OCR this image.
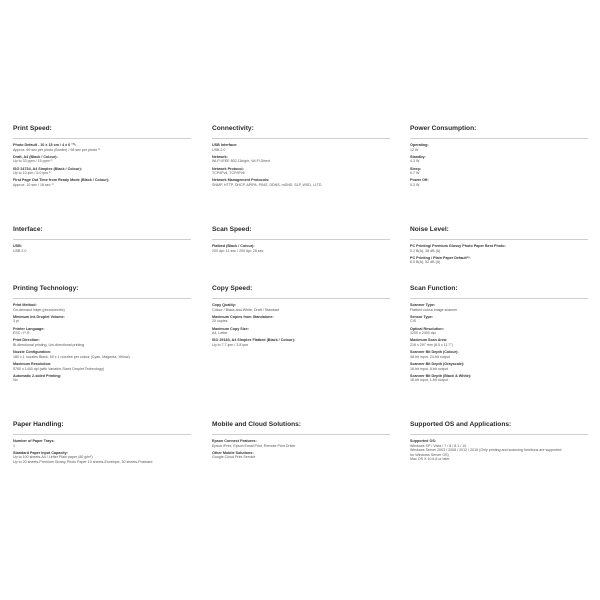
Print Speed:
Photo Default - 10 x 15 cm / 4 x 6 "²⁾:
Approx. 69 sec per photo (Border) / 98 sec per photo ²⁾
Draft, A4 (Black / Colour):
Up to 33 ppm / 15 ppm ²⁾
ISO 24734, A4 Simplex (Black / Colour):
Up to 10 ipm / 5.0 ipm ¹⁾
First Page Out Time from Ready Mode (Black / Colour):
Approx. 10 sec / 16 sec ¹⁾
Connectivity:
USB Interface:
USB 2.0
Network:
Wi-Fi IEEE 802.11b/g/n, Wi-Fi Direct
Network Protocol:
TCP/IPv4, TCP/IPv6
Network Management Protocols:
SNMP, HTTP, DHCP, APIPA, PING, DDNS, mDNS, SLP, WSD, LLTD
Power Consumption:
Operating:
12 W
Standby:
4.3 W
Sleep:
0.7 W
Power Off:
0.3 W
Interface:
USB:
USB 2.0
Scan Speed:
Flatbed (Black / Colour):
200 dpi: 11 sec / 200 dpi: 28 sec
Noise Level:
PC Printing/ Premium Glossy Photo Paper Best Photo:
5.2 B(A), 38 dB (A)
PC Printing / Plain Paper Default⁵⁾:
6.5 B(A), 52 dB (A)
Printing Technology:
Print Method:
On-demand inkjet (piezoelectric)
Minimum Ink Droplet Volume:
3 pl
Printer Language:
ESC / P-R
Print Direction:
Bi-directional printing, Uni-directional printing
Nozzle Configuration:
180 x 1 nozzles Black, 59 x 1 nozzles per colour (Cyan, Magenta, Yellow)
Maximum Resolution:
5760 x 1440 dpi (with Variable-Sized Droplet Technology)
Automatic 2-sided Printing:
No
Copy Speed:
Copy Quality:
Colour / Black-and-White, Draft / Standard
Maximum Copies from Standalone:
20 copies
Maximum Copy Size:
A4, Letter
ISO 29183, A4 Simplex Flatbed (Black / Colour):
Up to 7.7 ipm / 3.8 ipm
Scan Function:
Scanner Type:
Flatbed colour image scanner
Sensor Type:
CIS
Optical Resolution:
1200 x 2400 dpi
Maximum Scan Area:
216 x 297 mm (8.5 x 11.7")
Scanner Bit Depth (Colour):
48-bit input, 24-bit output
Scanner Bit Depth (Grayscale):
16-bit input, 8-bit output
Scanner Bit Depth (Black & White):
16-bit input, 1-bit output
Paper Handling:
Number of Paper Trays:
1
Standard Paper Input Capacity:
Up to 100 sheets-A4 / Letter Plain paper (80 g/m²)
Up to 20 sheets-Premium Glossy Photo Paper 10 sheets-Envelope, 30 sheets-Postcard
Mobile and Cloud Solutions:
Epson Connect Features:
Epson iPrint, Epson Email Print, Remote Print Driver
Other Mobile Solutions:
Google Cloud Print Service
Supported OS and Applications:
Supported OS:
Windows XP / Vista / 7 / 8 / 8.1 / 10
Windows Server 2003 / 2008 / 2012 / 2016 (Only printing and scanning functions are supported
for Windows Server OS)
Mac OS X 10.6.8 or later
